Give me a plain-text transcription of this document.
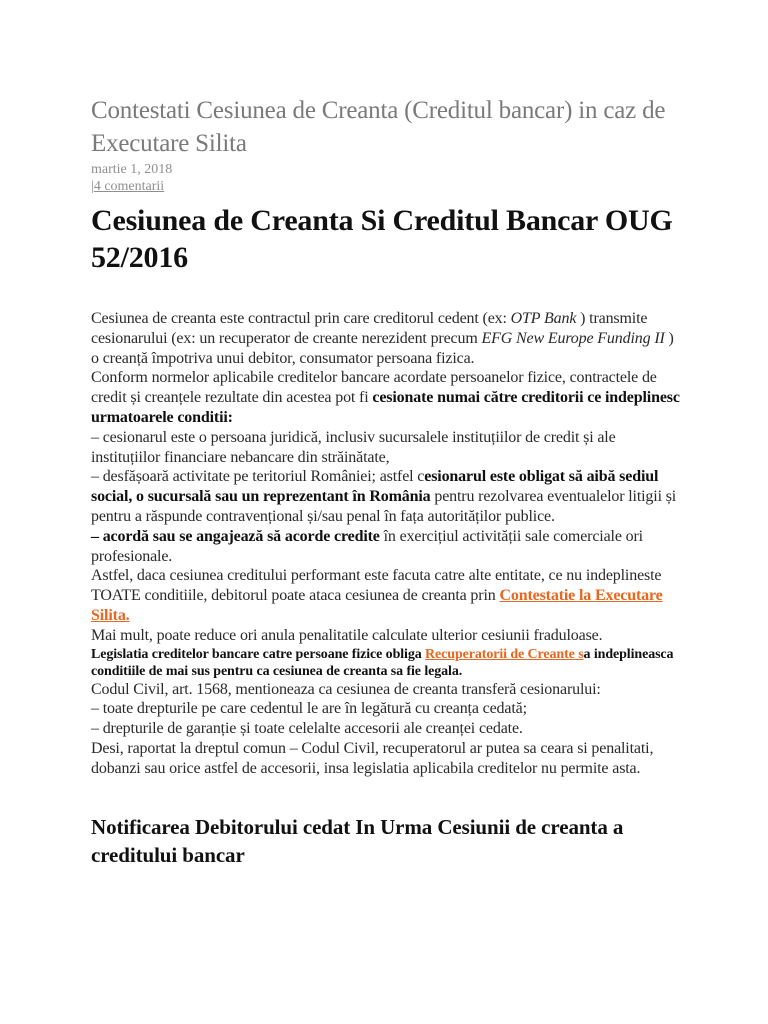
Contestati Cesiunea de Creanta (Creditul bancar) in caz de Executare Silita
martie 1, 2018
|4 comentarii
Cesiunea de Creanta Si Creditul Bancar OUG 52/2016

Cesiunea de creanta este contractul prin care creditorul cedent (ex: OTP Bank ) transmite cesionarului (ex: un recuperator de creante nerezident precum EFG New Europe Funding II ) o creanță împotriva unui debitor, consumator persoana fizica.

Conform normelor aplicabile creditelor bancare acordate persoanelor fizice, contractele de credit și creanțele rezultate din acestea pot fi cesionate numai către creditorii ce indeplinesc urmatoarele conditii:

– cesionarul este o persoana juridică, inclusiv sucursalele instituțiilor de credit și ale instituțiilor financiare nebancare din străinătate,

– desfășoară activitate pe teritoriul României; astfel cesionarul este obligat să aibă sediul social, o sucursală sau un reprezentant în România pentru rezolvarea eventualelor litigii și pentru a răspunde contravențional și/sau penal în fața autorităților publice.

– acordă sau se angajează să acorde credite în exercițiul activității sale comerciale ori profesionale.

Astfel, daca cesiunea creditului performant este facuta catre alte entitate, ce nu indeplineste TOATE conditiile, debitorul poate ataca cesiunea de creanta prin Contestatie la Executare Silita.

Mai mult, poate reduce ori anula penalitatile calculate ulterior cesiunii fraduloase.

Legislatia creditelor bancare catre persoane fizice obliga Recuperatorii de Creante sa indeplineasca conditiile de mai sus pentru ca cesiunea de creanta sa fie legala.

Codul Civil, art. 1568, mentioneaza ca cesiunea de creanta transferă cesionarului:

– toate drepturile pe care cedentul le are în legătură cu creanța cedată;

– drepturile de garanție și toate celelalte accesorii ale creanței cedate.

Desi, raportat la dreptul comun – Codul Civil, recuperatorul ar putea sa ceara si penalitati, dobanzi sau orice astfel de accesorii, insa legislatia aplicabila creditelor nu permite asta.

Notificarea Debitorului cedat In Urma Cesiunii de creanta a creditului bancar
